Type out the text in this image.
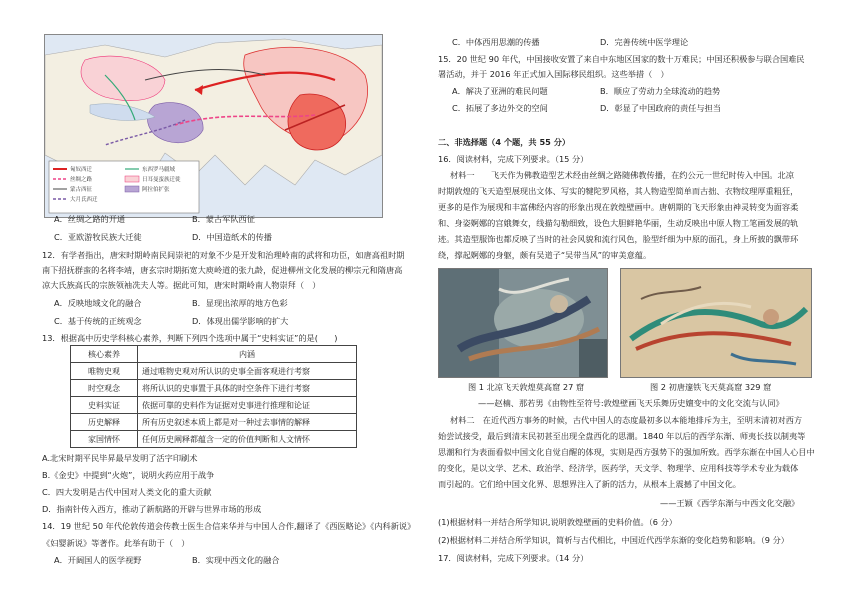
匈奴西迁
丝绸之路
蒙古西征
大月氏西迁
东西罗马疆域
日耳曼蛮族迁徙
阿拉伯扩张
A．丝绸之路的开通	B．蒙古军队西征
C．亚欧游牧民族大迁徙	D．中国造纸术的传播
12．有学者指出，唐宋时期岭南民间崇祀的对象不少是开发和治理岭南的武将和功臣，如唐高祖时期
南下招抚群蛮的名将李靖，唐玄宗时期拓宽大庾岭道的张九龄，促进柳州文化发展的柳宗元和隋唐高
凉大氏族高氏的宗族领袖冼夫人等。据此可知，唐宋时期岭南人物崇拜（　）
A．反映地域文化的融合	B．显现出浓厚的地方色彩
C．基于传统的正统观念	D．体现出儒学影响的扩大
13．根据高中历史学科核心素养，判断下列四个选项中属于“史料实证”的是(　　)
核心素养	内涵
唯物史观	通过唯物史观对所认识的史事全面客观进行考察
时空观念	将所认识的史事置于具体的时空条件下进行考察
史料实证	依据可靠的史料作为证据对史事进行推理和论证
历史解释	所有历史叙述本质上都是对一种过去事情的解释
家国情怀	任何历史阐释都蕴含一定的价值判断和人文情怀
A.北宋时期平民毕昇最早发明了活字印刷术
B.《金史》中提到“火炮”，说明火药应用于战争
C．四大发明是古代中国对人类文化的重大贡献
D．指南针传入西方，推动了新航路的开辟与世界市场的形成
14．19 世纪 50 年代伦敦传道会传教士医生合信来华并与中国人合作,翻译了《西医略论》《内科新说》
《妇婴新说》等著作。此举有助于（　）
A．开阔国人的医学视野	B．实现中西文化的融合
C．中体西用思潮的传播	D．完善传统中医学理论
15．20 世纪 90 年代，中国接收安置了来自中东地区国家的数十万难民；中国还积极参与联合国难民
署活动，并于 2016 年正式加入国际移民组织。这些举措（　）
A．解决了亚洲的难民问题	B．顺应了劳动力全球流动的趋势
C．拓展了多边外交的空间	D．彰显了中国政府的责任与担当
二、非选择题（4 个题，共 55 分）
16．阅读材料，完成下列要求。（15 分）
材料一　　飞天作为佛教造型艺术经由丝绸之路随佛教传播，在约公元一世纪时传入中国。北凉
时期敦煌的飞天造型展现出文体、写实的犍陀罗风格，其人物造型简单而古拙、衣物纹理厚重粗狂，
更多的是作为展现和丰富佛经内容的形象出现在敦煌壁画中。唐朝期的飞天形象由神灵转变为面容柔
和、身姿婀娜的宫娥舞女，线描勾勒细致，设色大胆鲜艳华丽，生动反映出中原人物工笔画发展的轨
迹。其造型服饰也都反映了当时的社会风貌和流行风色，脸型纤细为中原的面孔，身上所披的飘带环
绕，撑起婀娜的身躯，颇有吴道子“吴带当风”的审美意蕴。
图 1 北凉飞天敦煌莫高窟 27 窟	图 2 初唐邃铁飞天莫高窟 329 窟
——赵楠、那若男《由物性至符号:敦煌壁画飞天乐舞历史嬗变中的文化交流与认同》
材料二　在近代西方事务的时候，古代中国人的态度最初多以本能地排斥为主，至明末清初对西方
始尝试接受，最后到清末民初甚至出现全盘西化的思潮。1840 年以后的西学东渐、师夷长技以制夷等
思潮和行为表面看似中国文化自觉自醒的体现，实则是西方强势下的强加所致。西学东渐在中国人心目中
的变化，是以文学、艺术、政治学、经济学，医药学，天文学、物理学、应用科技等学术专业为载体
而引起的。它们给中国文化界、思想界注入了新的活力，从根本上震撼了中国文化。
——王颖《西学东渐与中西文化交融》
(1)根据材料一并结合所学知识,说明敦煌壁画的史料价值。（6 分）
(2)根据材料二并结合所学知识，简析与古代相比，中国近代西学东渐的变化趋势和影响。（9 分）
17．阅读材料，完成下列要求。（14 分）
